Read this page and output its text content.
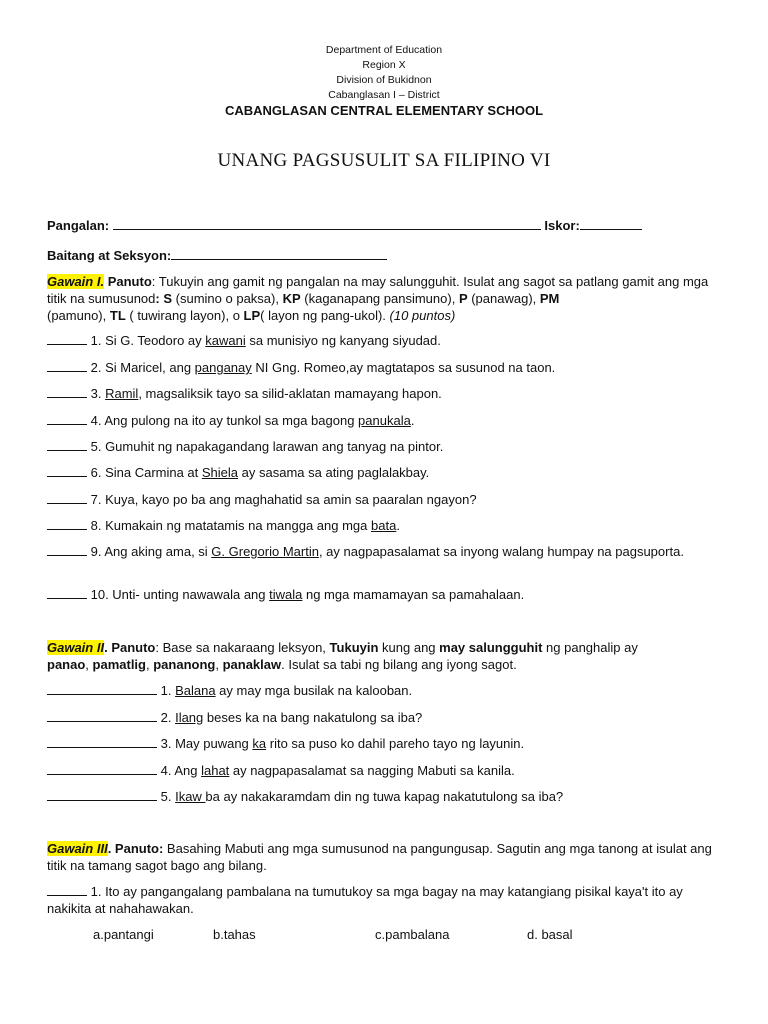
Department of Education
Region X
Division of Bukidnon
Cabanglasan I – District
CABANGLASAN CENTRAL ELEMENTARY SCHOOL
UNANG PAGSUSULIT SA FILIPINO VI
Pangalan:	Iskor:
Baitang at Seksyon:
Gawain I. Panuto: Tukuyin ang gamit ng pangalan na may salungguhit. Isulat ang sagot sa patlang gamit ang mga titik na sumusunod: S (sumino o paksa), KP (kaganapang pansimuno), P (panawag), PM
(pamuno), TL ( tuwirang layon), o LP( layon ng pang-ukol). (10 puntos)
1. Si G. Teodoro ay kawani sa munisiyo ng kanyang siyudad.
2. Si Maricel, ang panganay NI Gng. Romeo,ay magtatapos sa susunod na taon.
3. Ramil, magsaliksik tayo sa silid-aklatan mamayang hapon.
4. Ang pulong na ito ay tunkol sa mga bagong panukala.
5. Gumuhit ng napakagandang larawan ang tanyag na pintor.
6. Sina Carmina at Shiela ay sasama sa ating paglalakbay.
7. Kuya, kayo po ba ang maghahatid sa amin sa paaralan ngayon?
8. Kumakain ng matatamis na mangga ang mga bata.
9. Ang aking ama, si G. Gregorio Martin, ay nagpapasalamat sa inyong walang humpay na pagsuporta.
10. Unti- unting nawawala ang tiwala ng mga mamamayan sa pamahalaan.
Gawain II. Panuto: Base sa nakaraang leksyon, Tukuyin kung ang may salungguhit ng panghalip ay
panao, pamatlig, pananong, panaklaw. Isulat sa tabi ng bilang ang iyong sagot.
1. Balana ay may mga busilak na kalooban.
2. Ilang beses ka na bang nakatulong sa iba?
3. May puwang ka rito sa puso ko dahil pareho tayo ng layunin.
4. Ang lahat ay nagpapasalamat sa nagging Mabuti sa kanila.
5. Ikaw ba ay nakakaramdam din ng tuwa kapag nakatutulong sa iba?
Gawain III. Panuto: Basahing Mabuti ang mga sumusunod na pangungusap. Sagutin ang mga tanong at isulat ang titik na tamang sagot bago ang bilang.
1. Ito ay pangangalang pambalana na tumutukoy sa mga bagay na may katangiang pisikal kaya't ito ay nakikita at nahahawakan.
a.pantangi	b.tahas	c.pambalana	d. basal
